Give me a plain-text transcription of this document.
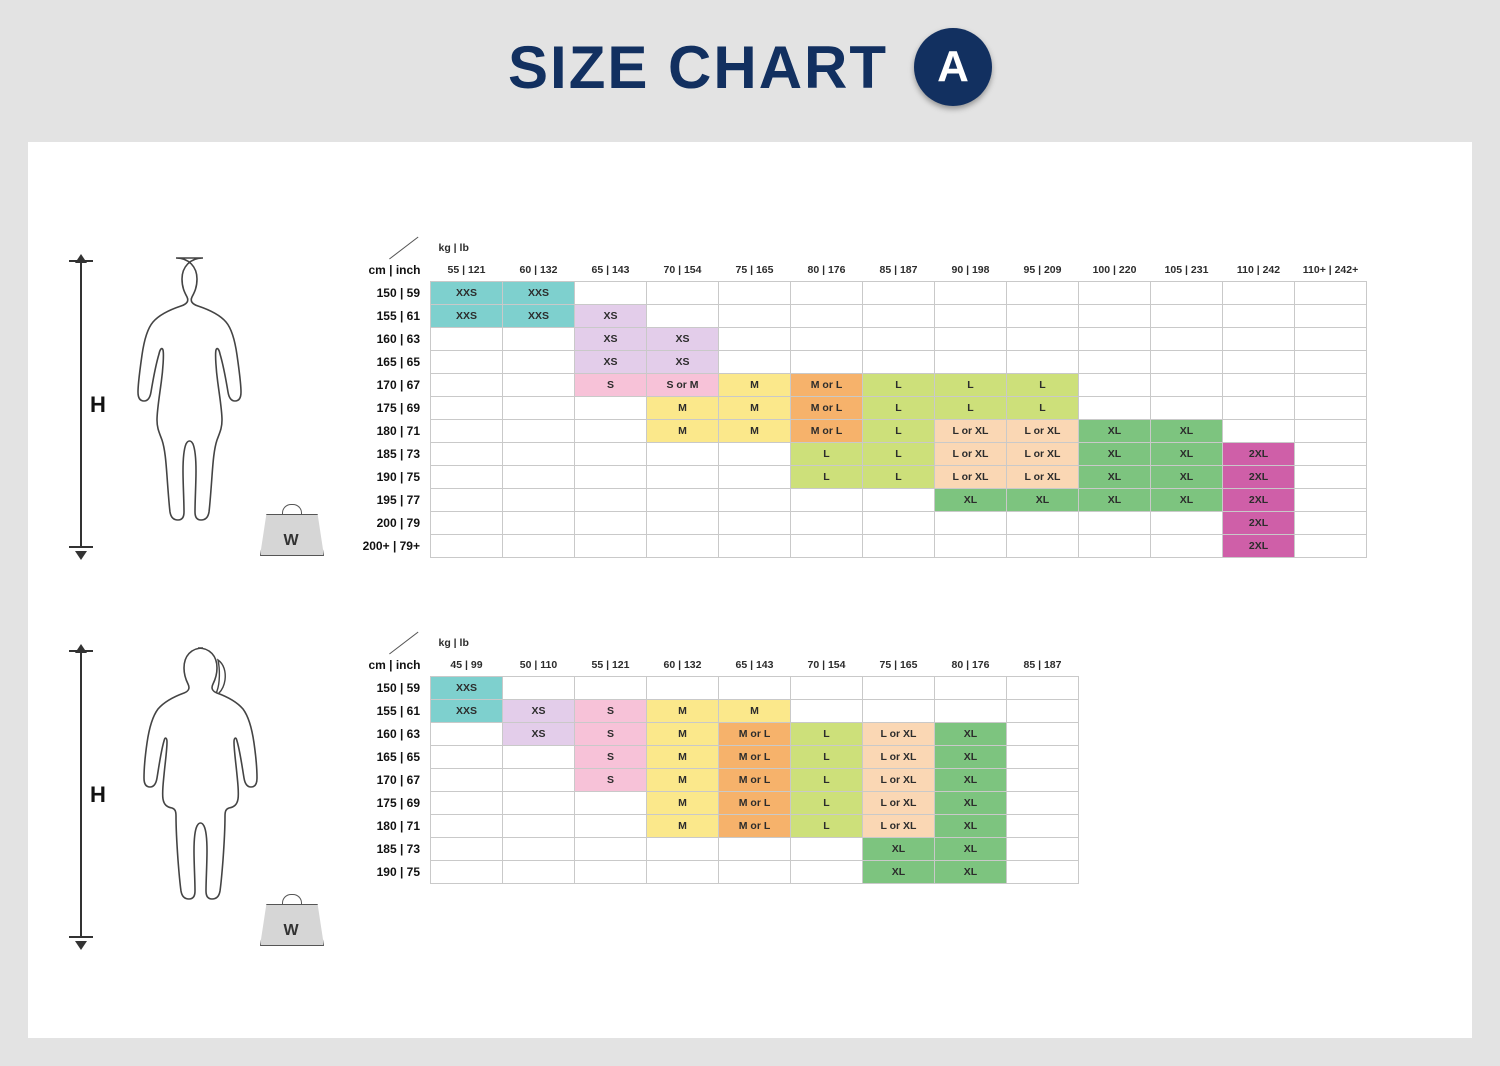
SIZE CHART	A
H
W
H
W
	kg | lb												
cm | inch	55 | 121	60 | 132	65 | 143	70 | 154	75 | 165	80 | 176	85 | 187	90 | 198	95 | 209	100 | 220	105 | 231	110 | 242	110+ | 242+
150 | 59	XXS	XXS											
155 | 61	XXS	XXS	XS										
160 | 63			XS	XS									
165 | 65			XS	XS									
170 | 67			S	S or M	M	M or L	L	L	L				
175 | 69				M	M	M or L	L	L	L				
180 | 71				M	M	M or L	L	L or XL	L or XL	XL	XL		
185 | 73						L	L	L or XL	L or XL	XL	XL	2XL	
190 | 75						L	L	L or XL	L or XL	XL	XL	2XL	
195 | 77								XL	XL	XL	XL	2XL	
200 | 79												2XL	
200+ | 79+												2XL	
	kg | lb								
cm | inch	45 | 99	50 | 110	55 | 121	60 | 132	65 | 143	70 | 154	75 | 165	80 | 176	85 | 187
150 | 59	XXS								
155 | 61	XXS	XS	S	M	M				
160 | 63		XS	S	M	M or L	L	L or XL	XL	
165 | 65			S	M	M or L	L	L or XL	XL	
170 | 67			S	M	M or L	L	L or XL	XL	
175 | 69				M	M or L	L	L or XL	XL	
180 | 71				M	M or L	L	L or XL	XL	
185 | 73							XL	XL	
190 | 75							XL	XL	
